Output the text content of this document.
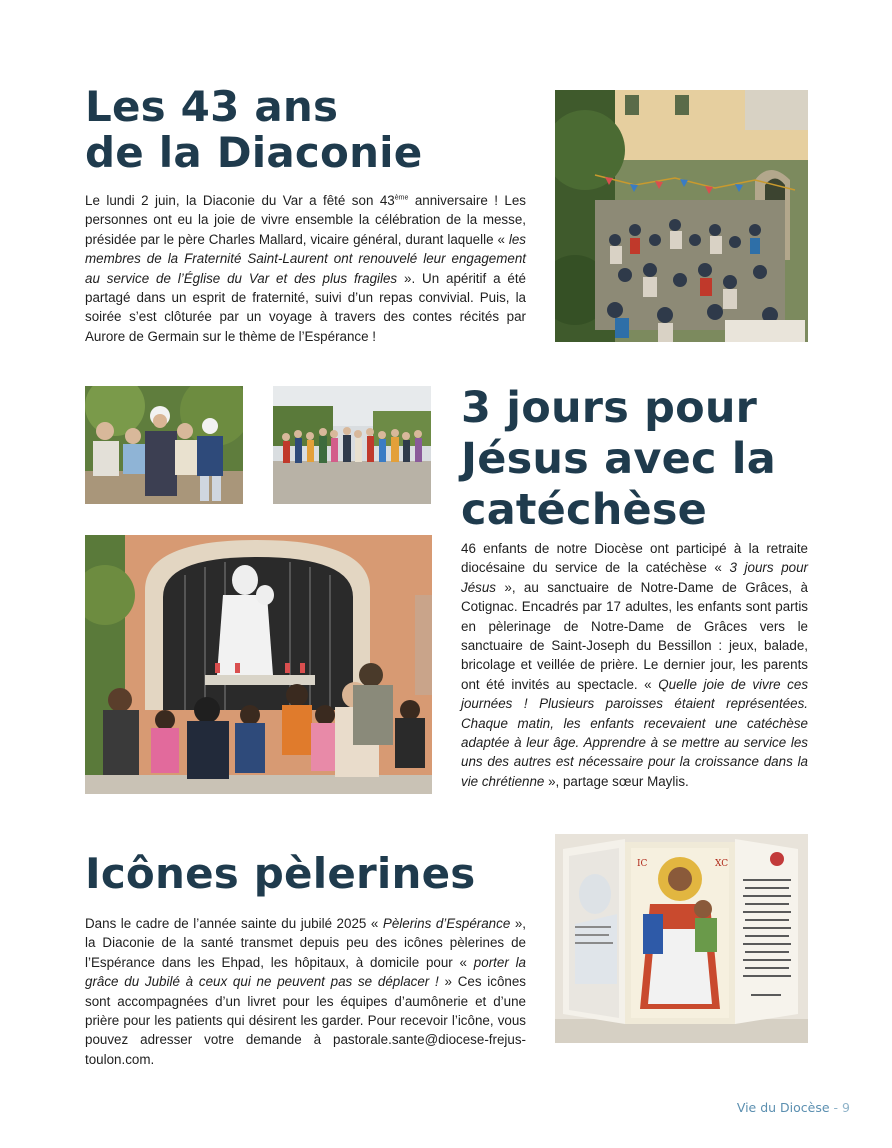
Les 43 ans
de la Diaconie

Le lundi 2 juin, la Diaconie du Var a fêté son 43ème anniversaire ! Les personnes ont eu la joie de vivre ensemble la célébration de la messe, présidée par le père Charles Mallard, vicaire général, durant laquelle « les membres de la Fraternité Saint-Laurent ont renouvelé leur engagement au service de l’Église du Var et des plus fragiles ». Un apéritif a été partagé dans un esprit de fraternité, suivi d’un repas convivial. Puis, la soirée s’est clôturée par un voyage à travers des contes récités par Aurore de Germain sur le thème de l’Espérance !

3 jours pour
Jésus avec la
catéchèse

46 enfants de notre Diocèse ont participé à la retraite diocésaine du service de la catéchèse « 3 jours pour Jésus », au sanctuaire de Notre-Dame de Grâces, à Cotignac. Encadrés par 17 adultes, les enfants sont partis en pèlerinage de Notre-Dame de Grâces vers le sanctuaire de Saint-Joseph du Bessillon : jeux, balade, bricolage et veillée de prière. Le dernier jour, les parents ont été invités au spectacle. « Quelle joie de vivre ces journées ! Plusieurs paroisses étaient représentées. Chaque matin, les enfants recevaient une catéchèse adaptée à leur âge. Apprendre à se mettre au service les uns des autres est nécessaire pour la croissance dans la vie chrétienne », partage sœur Maylis.

Icônes pèlerines

Dans le cadre de l’année sainte du jubilé 2025 « Pèlerins d’Espérance », la Diaconie de la santé transmet depuis peu des icônes pèlerines de l’Espérance dans les Ehpad, les hôpitaux, à domicile pour « porter la grâce du Jubilé à ceux qui ne peuvent pas se déplacer ! » Ces icônes sont accompagnées d’un livret pour les équipes d’aumônerie et d’une prière pour les patients qui désirent les garder. Pour recevoir l’icône, vous pouvez adresser votre demande à pastorale.sante@diocese-frejus-toulon.com.

IC	XC
Vie du Diocèse - 9
